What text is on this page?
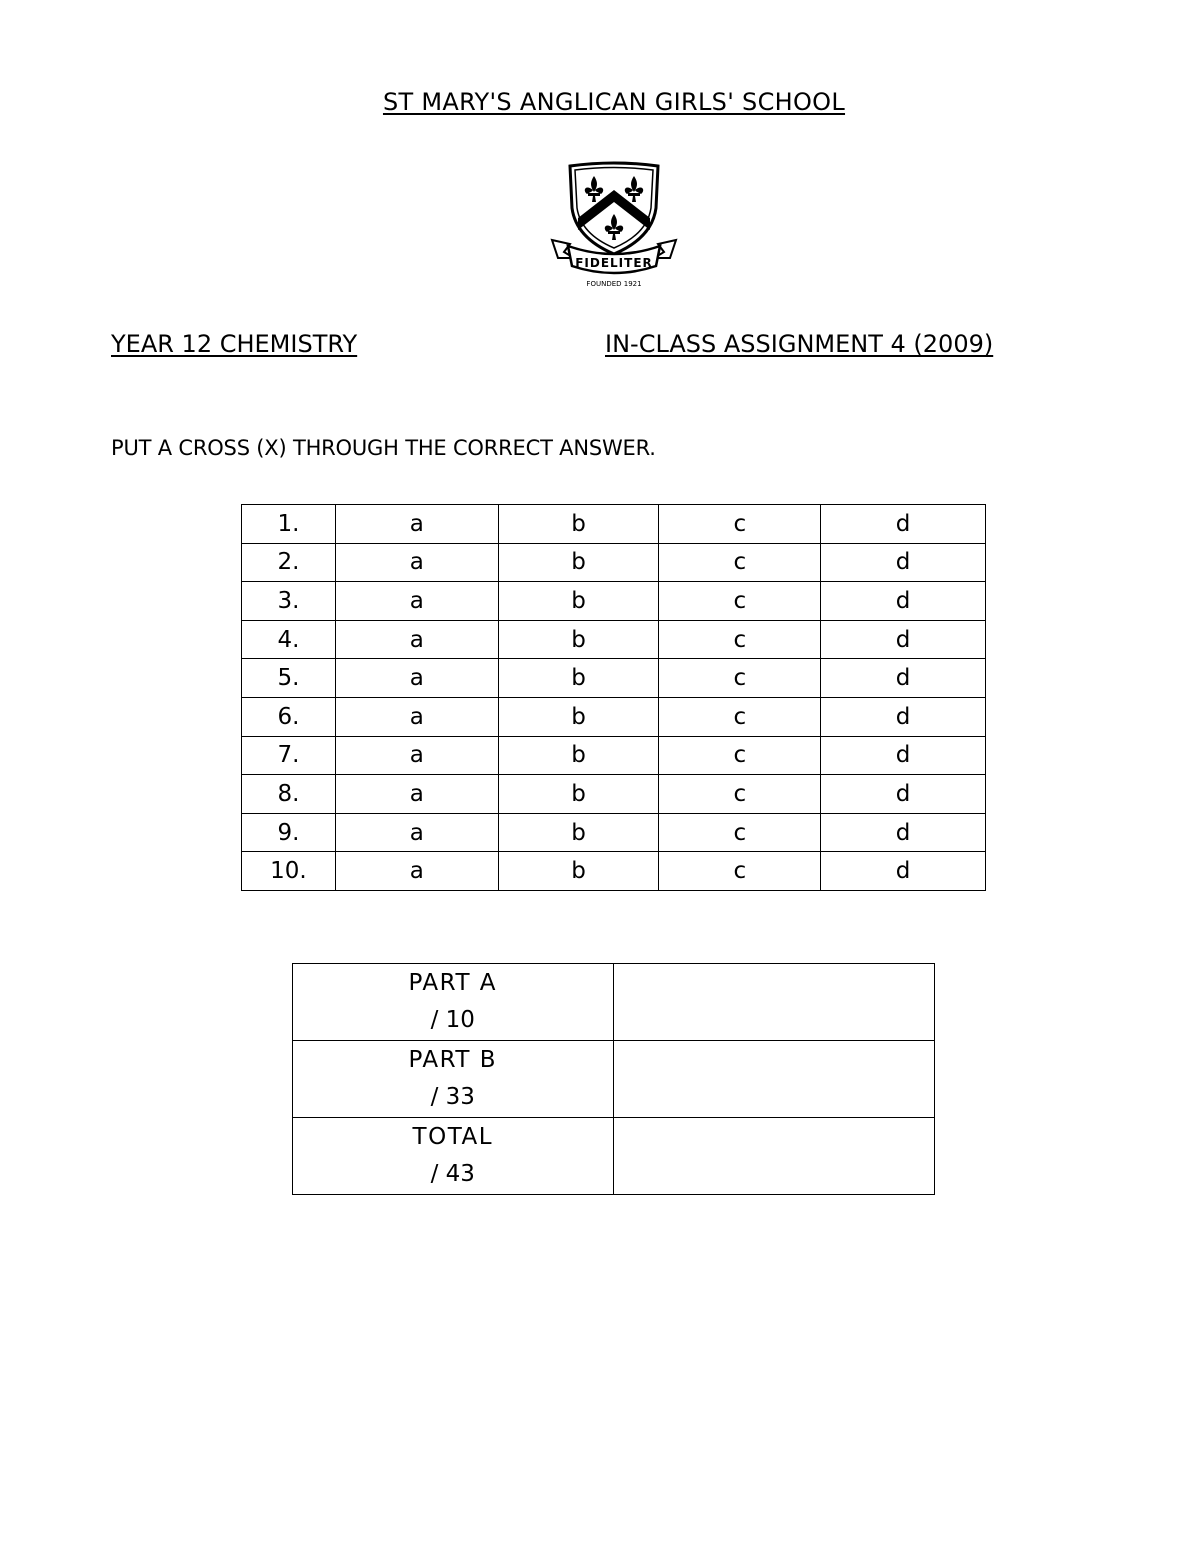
ST MARY'S ANGLICAN GIRLS' SCHOOL
FIDELITER
FOUNDED 1921
YEAR 12 CHEMISTRY	IN-CLASS ASSIGNMENT 4 (2009)
PUT A CROSS (X) THROUGH THE CORRECT ANSWER.
1.	a	b	c	d
2.	a	b	c	d
3.	a	b	c	d
4.	a	b	c	d
5.	a	b	c	d
6.	a	b	c	d
7.	a	b	c	d
8.	a	b	c	d
9.	a	b	c	d
10.	a	b	c	d
PART A
/ 10	

PART B
/ 33	

TOTAL
/ 43	
